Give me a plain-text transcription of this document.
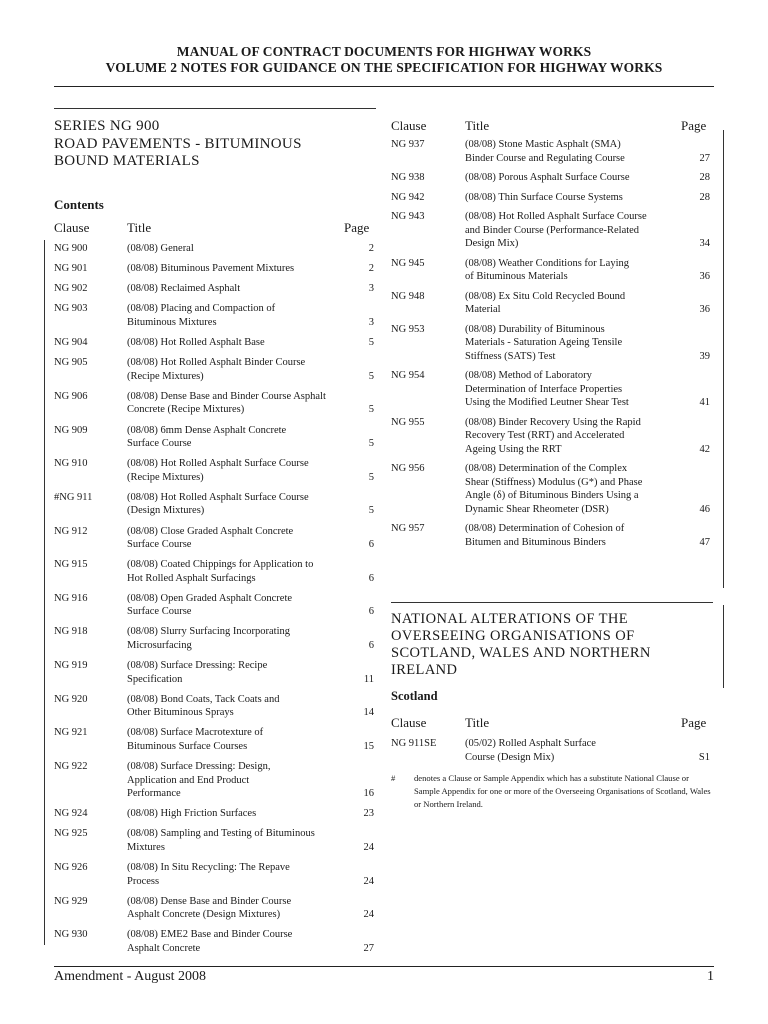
MANUAL OF CONTRACT DOCUMENTS FOR HIGHWAY WORKS
VOLUME 2 NOTES FOR GUIDANCE ON THE SPECIFICATION FOR HIGHWAY WORKS
SERIES NG 900
ROAD PAVEMENTS - BITUMINOUS
BOUND MATERIALS
Contents
Clause	Title	Page
NG 900	(08/08) General	2
NG 901	(08/08) Bituminous Pavement Mixtures	2
NG 902	(08/08) Reclaimed Asphalt	3
NG 903	(08/08) Placing and Compaction of
Bituminous Mixtures	3
NG 904	(08/08) Hot Rolled Asphalt Base	5
NG 905	(08/08) Hot Rolled Asphalt Binder Course
(Recipe Mixtures)	5
NG 906	(08/08) Dense Base and Binder Course Asphalt
Concrete (Recipe Mixtures)	5
NG 909	(08/08) 6mm Dense Asphalt Concrete
Surface Course	5
NG 910	(08/08) Hot Rolled Asphalt Surface Course
(Recipe Mixtures)	5
#NG 911	(08/08) Hot Rolled Asphalt Surface Course
(Design Mixtures)	5
NG 912	(08/08) Close Graded Asphalt Concrete
Surface Course	6
NG 915	(08/08) Coated Chippings for Application to
Hot Rolled Asphalt Surfacings	6
NG 916	(08/08) Open Graded Asphalt Concrete
Surface Course	6
NG 918	(08/08) Slurry Surfacing Incorporating
Microsurfacing	6
NG 919	(08/08) Surface Dressing: Recipe
Specification	11
NG 920	(08/08) Bond Coats, Tack Coats and
Other Bituminous Sprays	14
NG 921	(08/08) Surface Macrotexture of
Bituminous Surface Courses	15
NG 922	(08/08) Surface Dressing: Design,
Application and End Product
Performance	16
NG 924	(08/08) High Friction Surfaces	23
NG 925	(08/08) Sampling and Testing of Bituminous
Mixtures	24
NG 926	(08/08) In Situ Recycling: The Repave
Process	24
NG 929	(08/08) Dense Base and Binder Course
Asphalt Concrete (Design Mixtures)	24
NG 930	(08/08) EME2 Base and Binder Course
Asphalt Concrete	27
Clause	Title	Page
NG 937	(08/08) Stone Mastic Asphalt (SMA)
Binder Course and Regulating Course	27
NG 938	(08/08) Porous Asphalt Surface Course	28
NG 942	(08/08) Thin Surface Course Systems	28
NG 943	(08/08) Hot Rolled Asphalt Surface Course
and Binder Course (Performance-Related
Design Mix)	34
NG 945	(08/08) Weather Conditions for Laying
of Bituminous Materials	36
NG 948	(08/08) Ex Situ Cold Recycled Bound
Material	36
NG 953	(08/08) Durability of Bituminous
Materials - Saturation Ageing Tensile
Stiffness (SATS) Test	39
NG 954	(08/08) Method of Laboratory
Determination of Interface Properties
Using the Modified Leutner Shear Test	41
NG 955	(08/08) Binder Recovery Using the Rapid
Recovery Test (RRT) and Accelerated
Ageing Using the RRT	42
NG 956	(08/08) Determination of the Complex
Shear (Stiffness) Modulus (G*) and Phase
Angle (δ) of Bituminous Binders Using a
Dynamic Shear Rheometer (DSR)	46
NG 957	(08/08) Determination of Cohesion of
Bitumen and Bituminous Binders	47
NATIONAL ALTERATIONS OF THE
OVERSEEING ORGANISATIONS OF
SCOTLAND, WALES AND NORTHERN
IRELAND
Scotland
Clause	Title	Page
NG 911SE	(05/02) Rolled Asphalt Surface
Course (Design Mix)	S1
# denotes a Clause or Sample Appendix which has a substitute National Clause or Sample Appendix for one or more of the Overseeing Organisations of Scotland, Wales or Northern Ireland.
Amendment - August 2008	1
